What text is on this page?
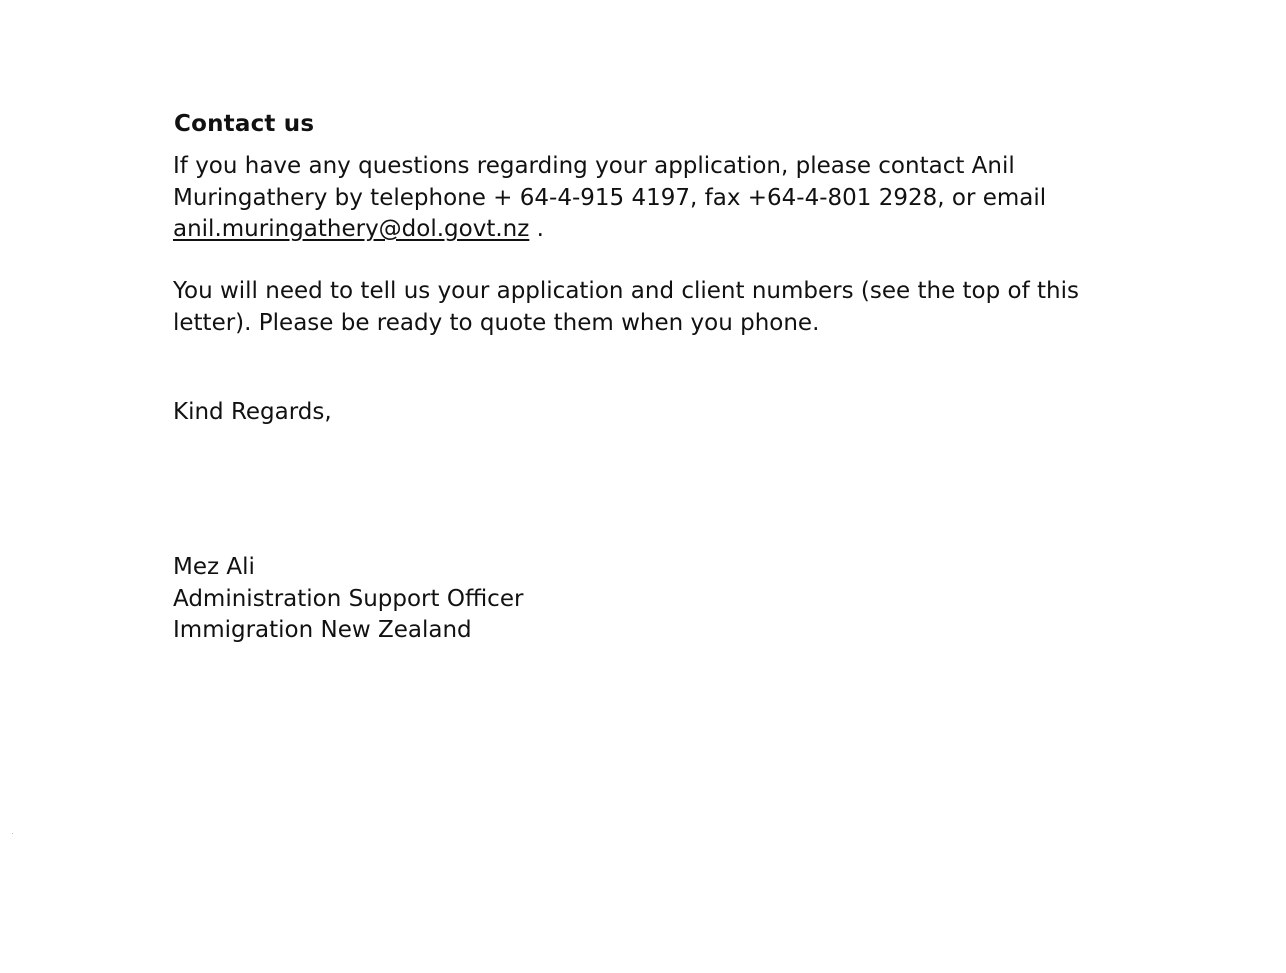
Contact us

If you have any questions regarding your application, please contact Anil

Muringathery by telephone + 64-4-915 4197, fax +64-4-801 2928, or email

anil.muringathery@dol.govt.nz .

You will need to tell us your application and client numbers (see the top of this

letter). Please be ready to quote them when you phone.

Kind Regards,

Mez Ali

Administration Support Officer

Immigration New Zealand
